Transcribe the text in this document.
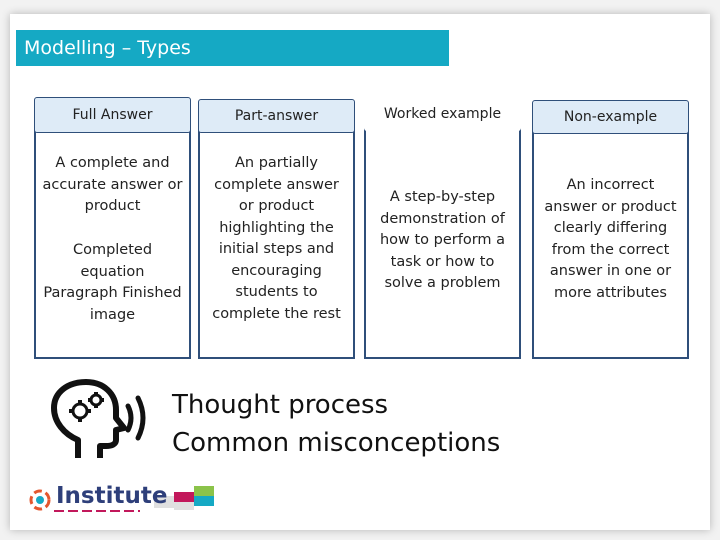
Modelling – Types
A complete and accurate answer or product
Completed equation Paragraph Finished image
Full Answer
An partially complete answer or product highlighting the initial steps and encouraging students to complete the rest
Part-answer
A step-by-step demonstration of how to perform a task or how to solve a problem
Worked example
An incorrect answer or product clearly differing from the correct answer in one or more attributes
Non-example
Thought process
Common misconceptions
Institute
